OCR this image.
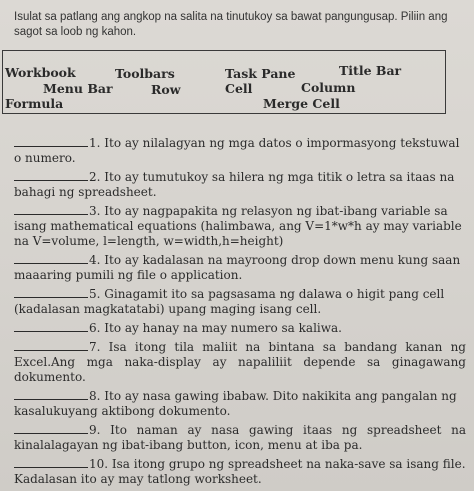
Isulat sa patlang ang angkop na salita na tinutukoy sa bawat pangungusap. Piliin ang sagot sa loob ng kahon.
Workbook	Toolbars	Task Pane	Title Bar
Menu Bar	Row	Cell	Column
Formula	Merge Cell
1. Ito ay nilalagyan ng mga datos o impormasyong tekstuwal o numero.
2. Ito ay tumutukoy sa hilera ng mga titik o letra sa itaas na bahagi ng spreadsheet.
3. Ito ay nagpapakita ng relasyon ng ibat-ibang variable sa isang mathematical equations (halimbawa, ang V=1*w*h ay may variable na V=volume, l=length, w=width,h=height)
4. Ito ay kadalasan na mayroong drop down menu kung saan maaaring pumili ng file o application.
5. Ginagamit ito sa pagsasama ng dalawa o higit pang cell (kadalasan magkatatabi) upang maging isang cell.
6. Ito ay hanay na may numero sa kaliwa.
7. Isa itong tila maliit na bintana sa bandang kanan ng Excel.Ang mga naka-display ay napaliliit depende sa ginagawang dokumento.
8. Ito ay nasa gawing ibabaw. Dito nakikita ang pangalan ng kasalukuyang aktibong dokumento.
9. Ito naman ay nasa gawing itaas ng spreadsheet na kinalalagayan ng ibat-ibang button, icon, menu at iba pa.
10. Isa itong grupo ng spreadsheet na naka-save sa isang file. Kadalasan ito ay may tatlong worksheet.
